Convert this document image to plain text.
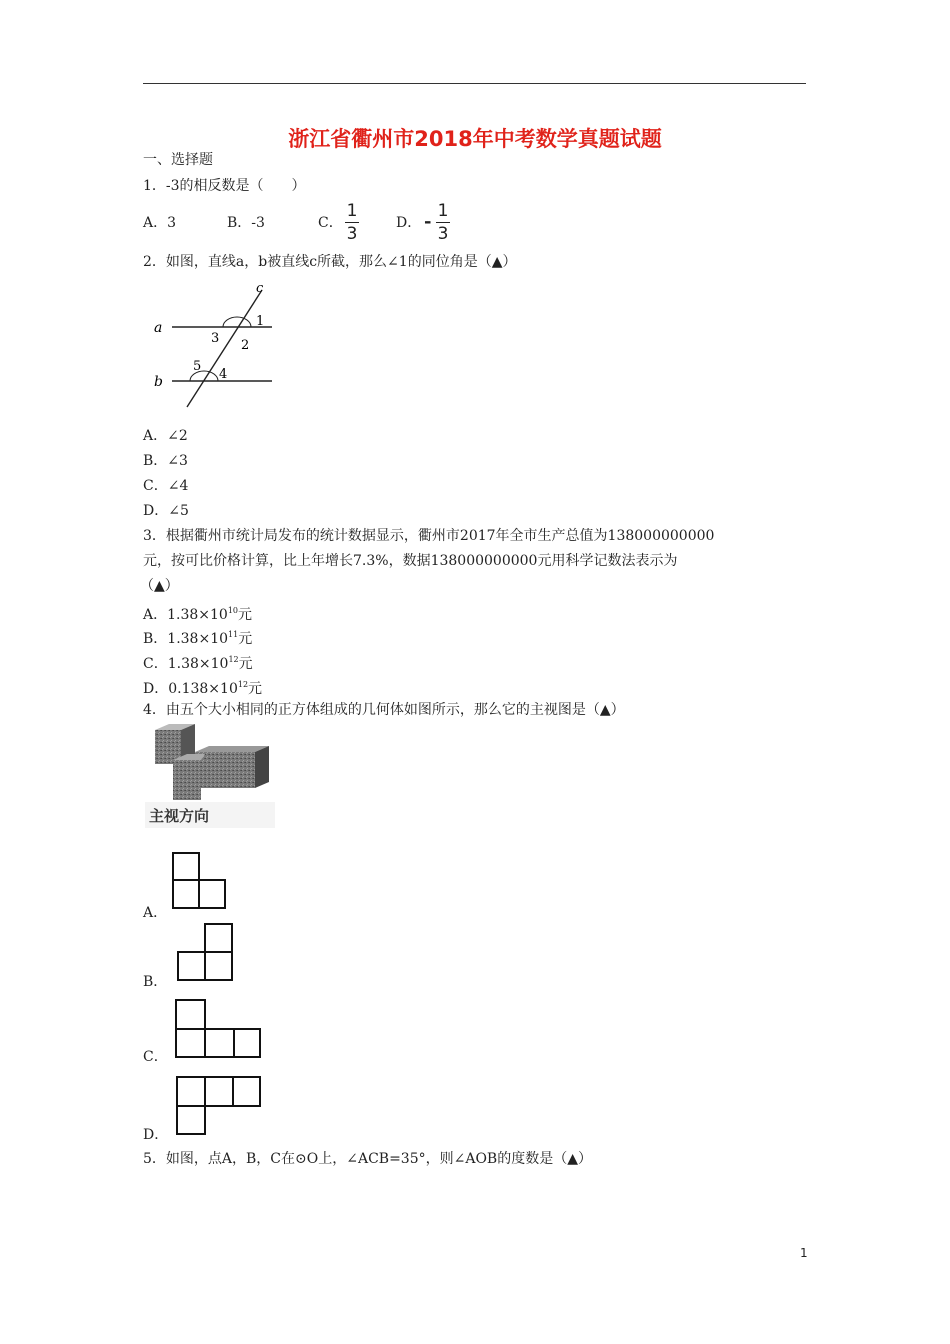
浙江省衢州市2018年中考数学真题试题
一、选择题
1．-3的相反数是（　　）
A．3	B．-3	C．
1
3
D． - 1
3
2．如图，直线a，b被直线c所截，那么∠1的同位角是（▲）
c
a
b
1
2
3
4
5
A．∠2
B．∠3
C．∠4
D．∠5
3．根据衢州市统计局发布的统计数据显示，衢州市2017年全市生产总值为138000000000
元，按可比价格计算，比上年增长7.3%，数据138000000000元用科学记数法表示为
（▲）
A．$1.38\times 10^{10}$元
B．$1.38\times 10^{11}$元
C．$1.38\times 10^{12}$元
D．$0.138\times 10^{12}$元
4．由五个大小相同的正方体组成的几何体如图所示，那么它的主视图是（▲）
主视方向
A．
B．
C．
D．
5．如图，点A，B，C在⊙O上，∠ACB=35°，则∠AOB的度数是（▲）
1
